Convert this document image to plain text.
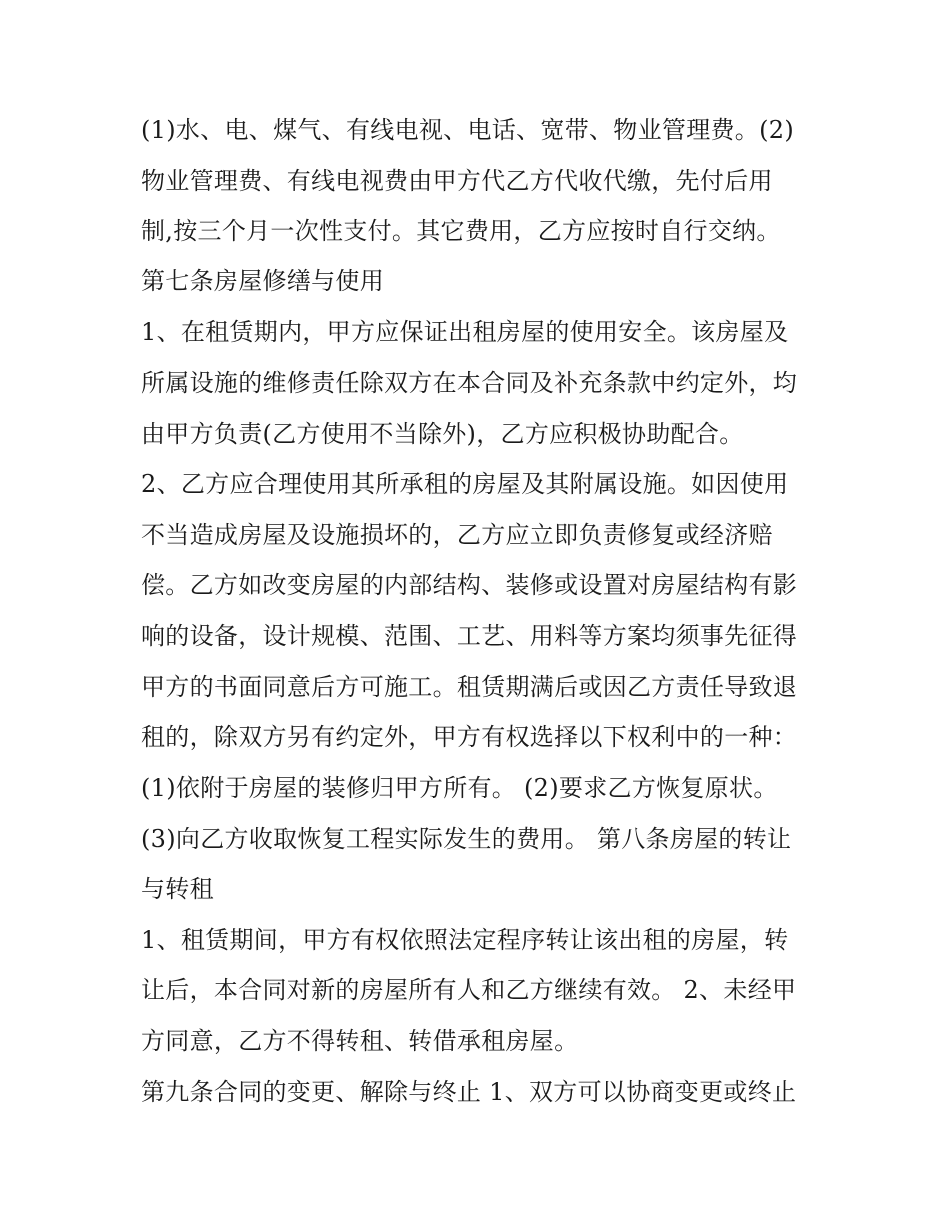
(1)水、电、煤气、有线电视、电话、宽带、物业管理费。(2)
物业管理费、有线电视费由甲方代乙方代收代缴，先付后用
制,按三个月一次性支付。其它费用，乙方应按时自行交纳。
第七条房屋修缮与使用
1、在租赁期内，甲方应保证出租房屋的使用安全。该房屋及
所属设施的维修责任除双方在本合同及补充条款中约定外，均
由甲方负责(乙方使用不当除外)，乙方应积极协助配合。
2、乙方应合理使用其所承租的房屋及其附属设施。如因使用
不当造成房屋及设施损坏的，乙方应立即负责修复或经济赔
偿。乙方如改变房屋的内部结构、装修或设置对房屋结构有影
响的设备，设计规模、范围、工艺、用料等方案均须事先征得
甲方的书面同意后方可施工。租赁期满后或因乙方责任导致退
租的，除双方另有约定外，甲方有权选择以下权利中的一种：
(1)依附于房屋的装修归甲方所有。 (2)要求乙方恢复原状。
(3)向乙方收取恢复工程实际发生的费用。 第八条房屋的转让
与转租
1、租赁期间，甲方有权依照法定程序转让该出租的房屋，转
让后，本合同对新的房屋所有人和乙方继续有效。 2、未经甲
方同意，乙方不得转租、转借承租房屋。
第九条合同的变更、解除与终止 1、双方可以协商变更或终止
